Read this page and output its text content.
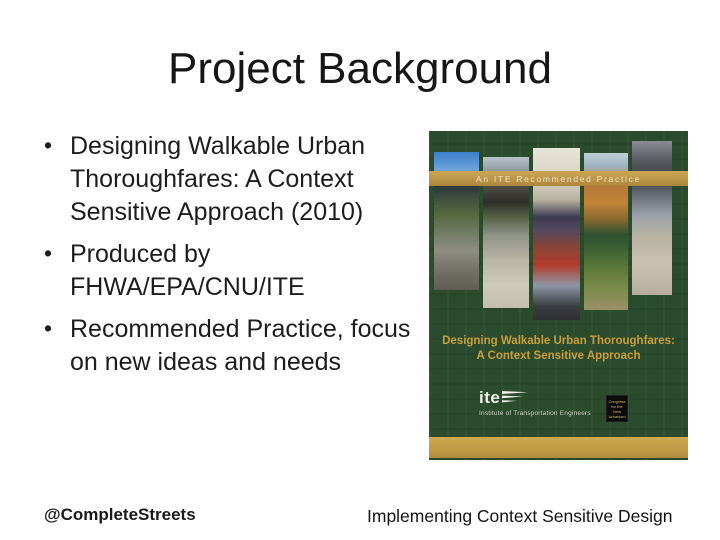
Project Background
• Designing Walkable Urban Thoroughfares: A Context Sensitive Approach (2010)
• Produced by FHWA/EPA/CNU/ITE
• Recommended Practice, focus on new ideas and needs
An ITE Recommended Practice
Designing Walkable Urban Thoroughfares:
A Context Sensitive Approach
ite
Institute of Transportation Engineers
Congress
for the
New
Urbanism
@CompleteStreets	Implementing Context Sensitive Design
